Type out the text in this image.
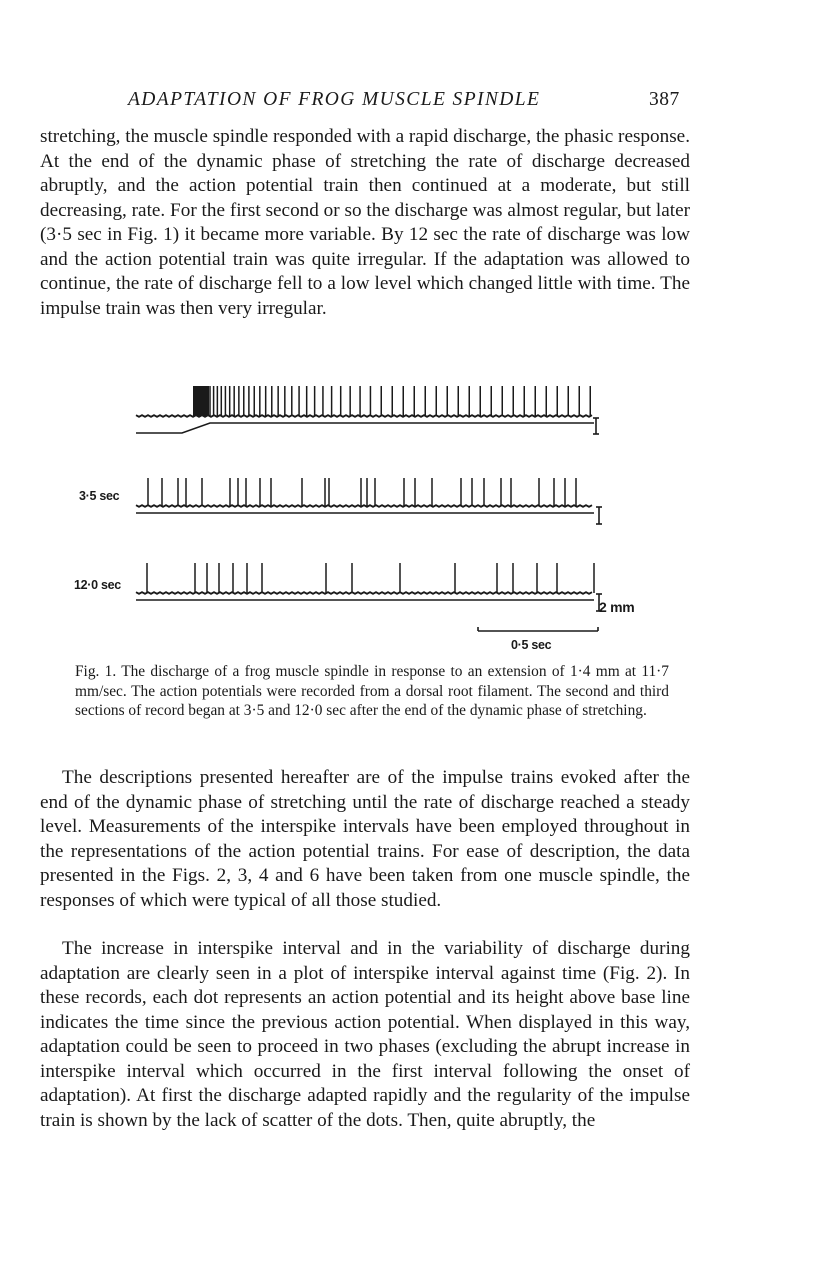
ADAPTATION OF FROG MUSCLE SPINDLE	387

stretching, the muscle spindle responded with a rapid discharge, the phasic response. At the end of the dynamic phase of stretching the rate of discharge decreased abruptly, and the action potential train then continued at a moderate, but still decreasing, rate. For the first second or so the discharge was almost regular, but later (3·5 sec in Fig. 1) it became more variable. By 12 sec the rate of discharge was low and the action potential train was quite irregular. If the adaptation was allowed to continue, the rate of discharge fell to a low level which changed little with time. The impulse train was then very irregular.

3·5 sec
12·0 sec
2 mm
0·5 sec

Fig. 1. The discharge of a frog muscle spindle in response to an extension of 1·4 mm at 11·7 mm/sec. The action potentials were recorded from a dorsal root filament. The second and third sections of record began at 3·5 and 12·0 sec after the end of the dynamic phase of stretching.

The descriptions presented hereafter are of the impulse trains evoked after the end of the dynamic phase of stretching until the rate of discharge reached a steady level. Measurements of the interspike intervals have been employed throughout in the representations of the action potential trains. For ease of description, the data presented in the Figs. 2, 3, 4 and 6 have been taken from one muscle spindle, the responses of which were typical of all those studied.

The increase in interspike interval and in the variability of discharge during adaptation are clearly seen in a plot of interspike interval against time (Fig. 2). In these records, each dot represents an action potential and its height above base line indicates the time since the previous action potential. When displayed in this way, adaptation could be seen to proceed in two phases (excluding the abrupt increase in interspike interval which occurred in the first interval following the onset of adaptation). At first the discharge adapted rapidly and the regularity of the impulse train is shown by the lack of scatter of the dots. Then, quite abruptly, the
